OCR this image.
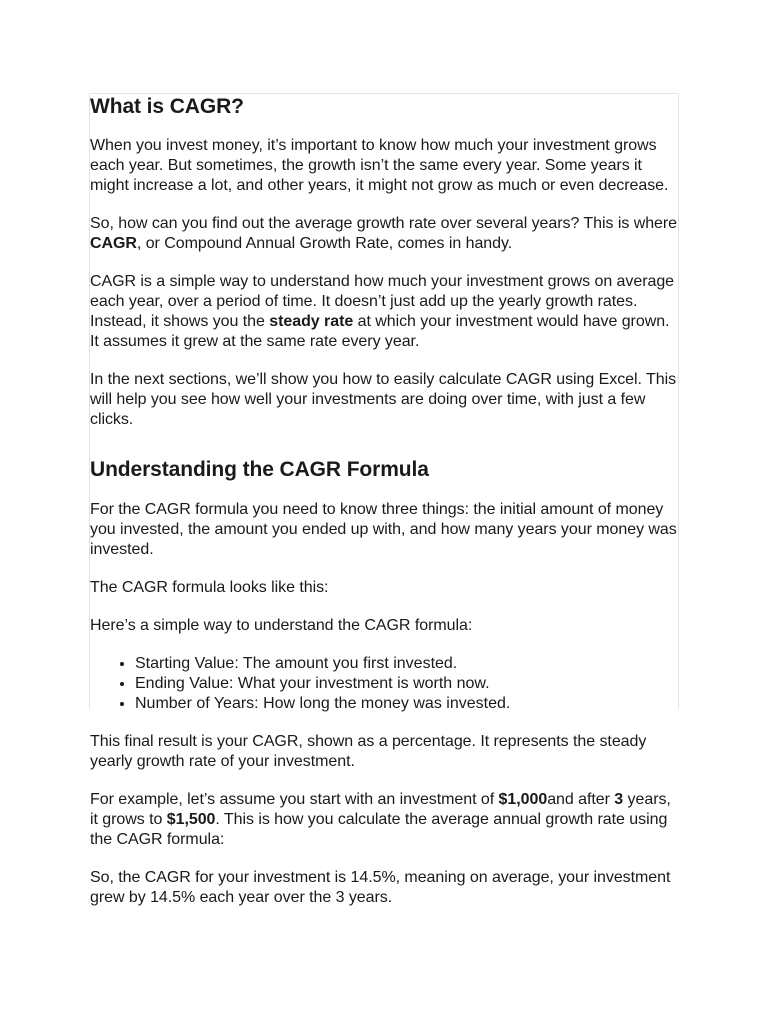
What is CAGR?

When you invest money, it’s important to know how much your investment grows each year. But sometimes, the growth isn’t the same every year. Some years it might increase a lot, and other years, it might not grow as much or even decrease.

So, how can you find out the average growth rate over several years? This is where CAGR, or Compound Annual Growth Rate, comes in handy.

CAGR is a simple way to understand how much your investment grows on average each year, over a period of time. It doesn’t just add up the yearly growth rates. Instead, it shows you the steady rate at which your investment would have grown. It assumes it grew at the same rate every year.

In the next sections, we’ll show you how to easily calculate CAGR using Excel. This will help you see how well your investments are doing over time, with just a few clicks.

Understanding the CAGR Formula

For the CAGR formula you need to know three things: the initial amount of money you invested, the amount you ended up with, and how many years your money was invested.

The CAGR formula looks like this:

Here’s a simple way to understand the CAGR formula:

• Starting Value: The amount you first invested.
• Ending Value: What your investment is worth now.
• Number of Years: How long the money was invested.

This final result is your CAGR, shown as a percentage. It represents the steady yearly growth rate of your investment.

For example, let’s assume you start with an investment of $1,000and after 3 years, it grows to $1,500. This is how you calculate the average annual growth rate using the CAGR formula:

So, the CAGR for your investment is 14.5%, meaning on average, your investment grew by 14.5% each year over the 3 years.
